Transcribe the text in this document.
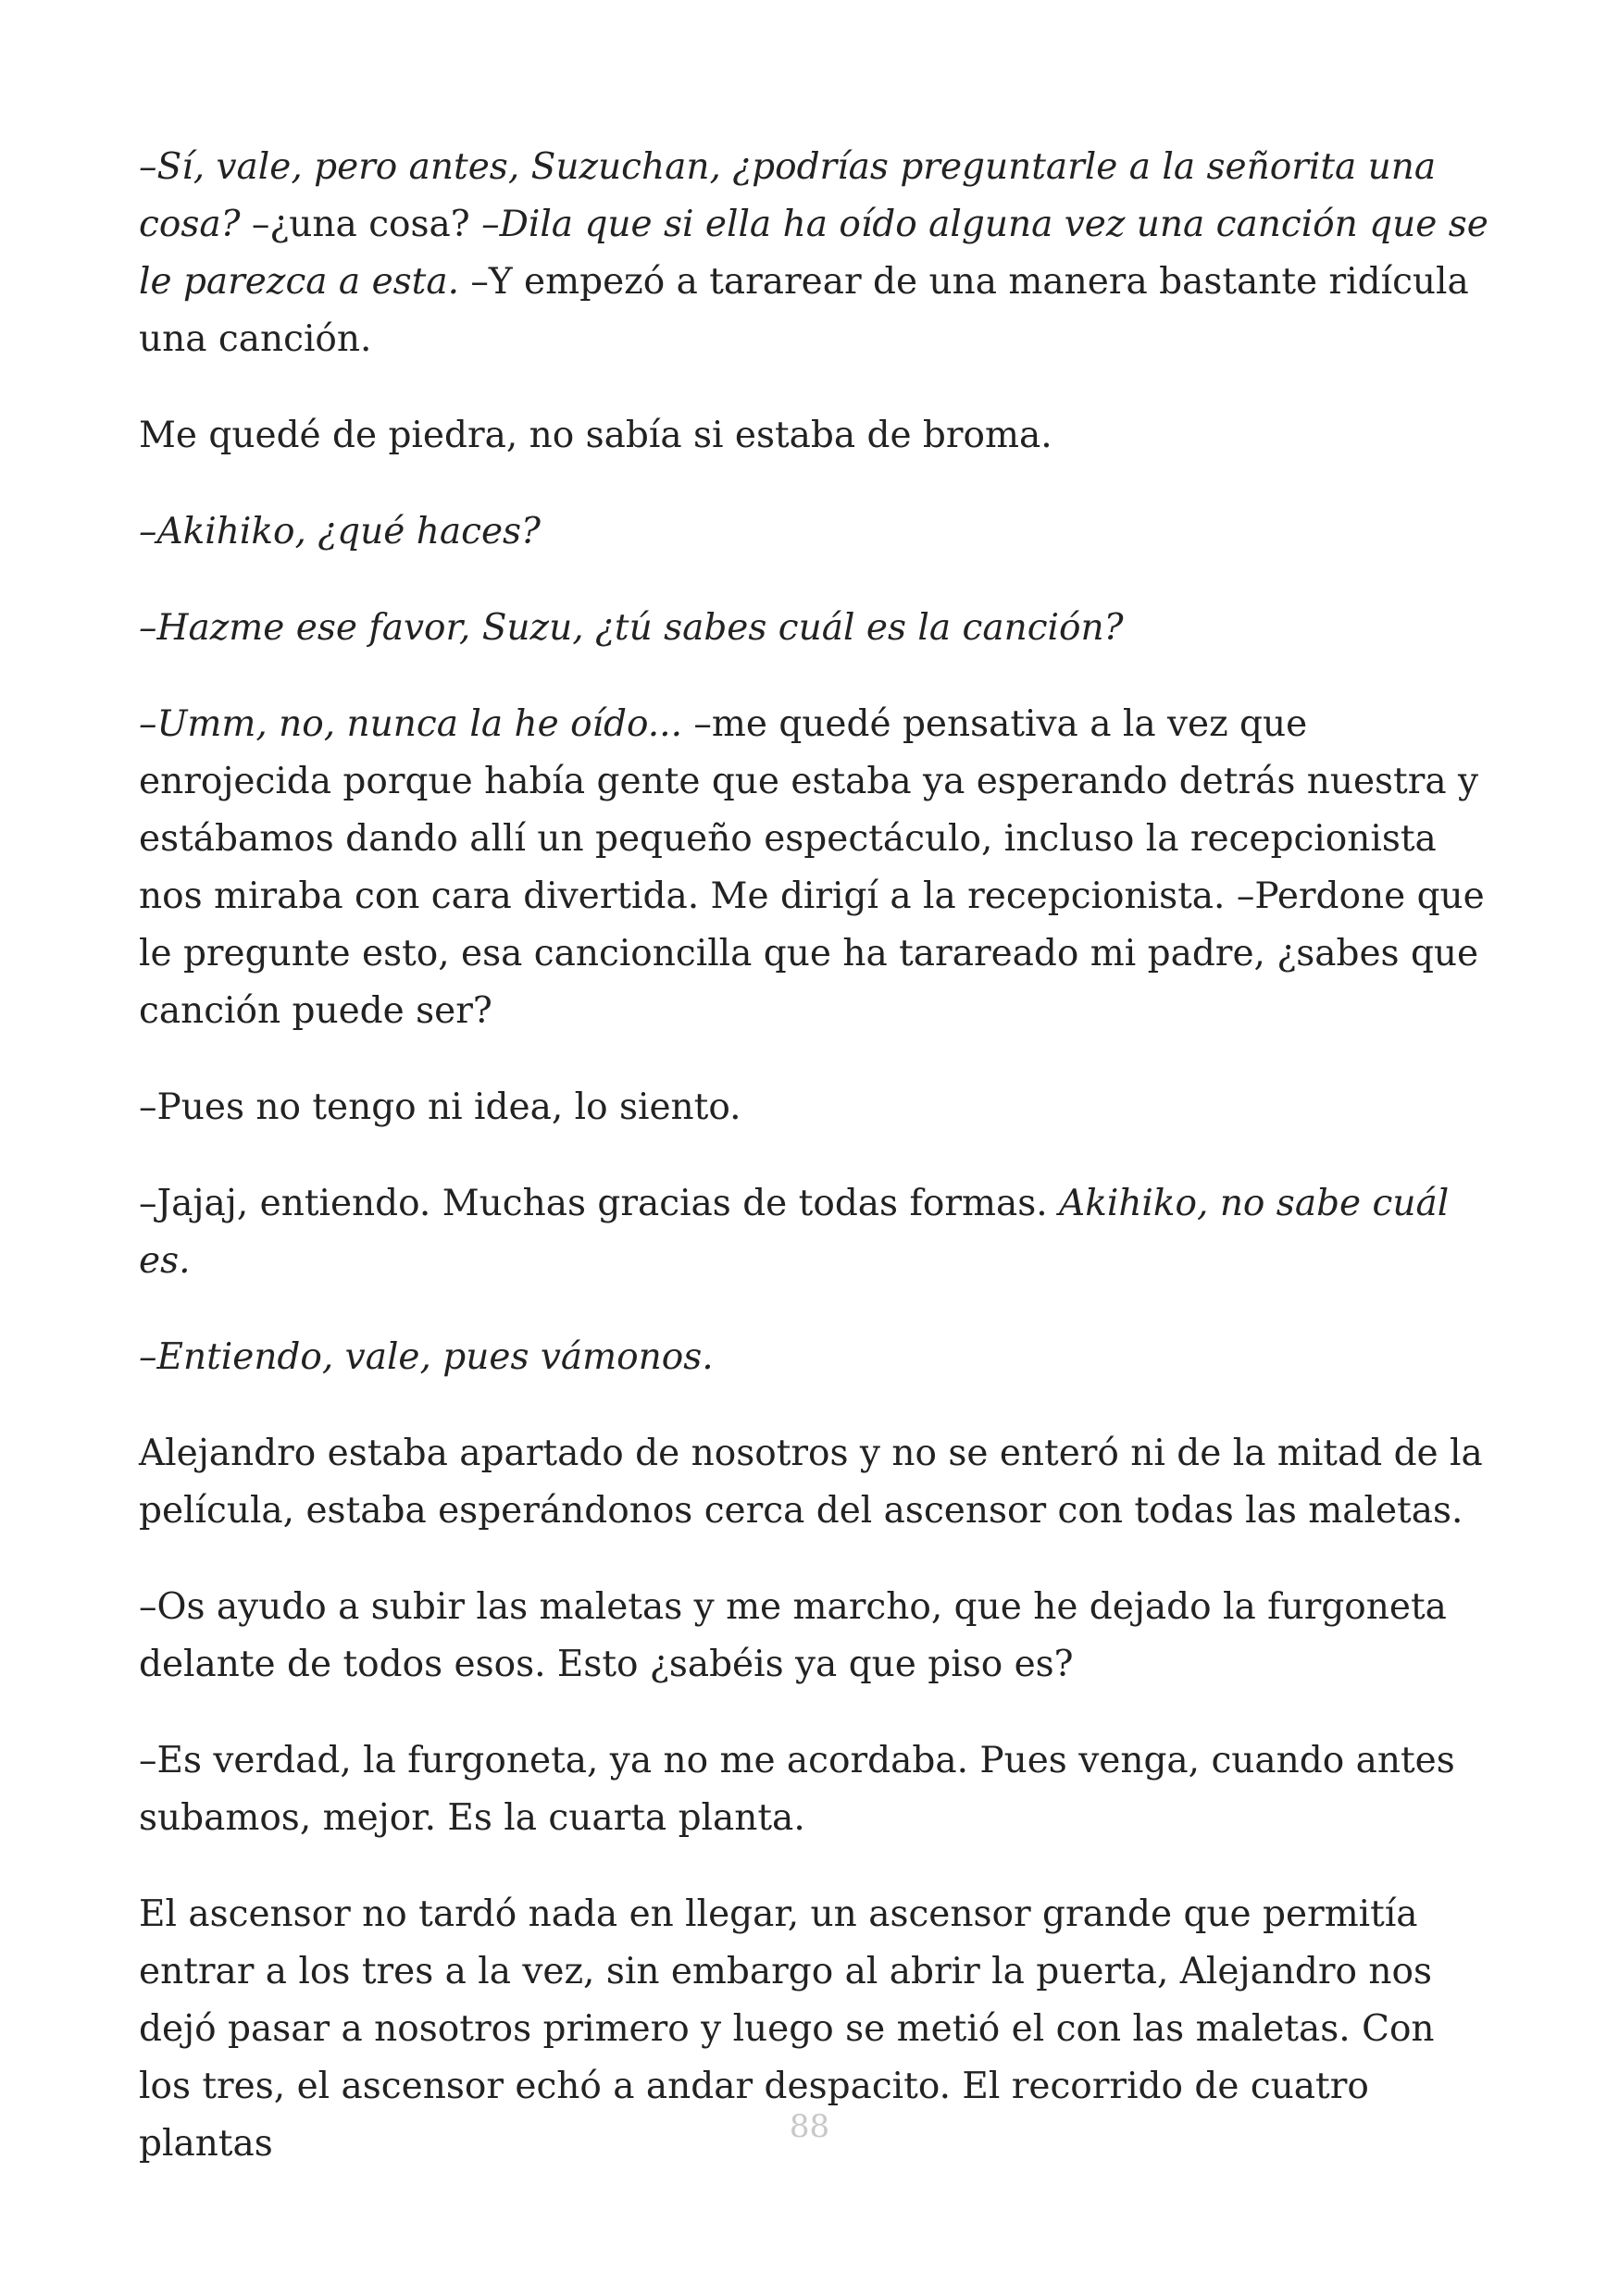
–Sí, vale, pero antes, Suzuchan, ¿podrías preguntarle a la señorita una cosa? –¿una cosa? –Dila que si ella ha oído alguna vez una canción que se le parezca a esta. –Y empezó a tararear de una manera bastante ridícula una canción.

Me quedé de piedra, no sabía si estaba de broma.

–Akihiko, ¿qué haces?

–Hazme ese favor, Suzu, ¿tú sabes cuál es la canción?

–Umm, no, nunca la he oído... –me quedé pensativa a la vez que enrojecida porque había gente que estaba ya esperando detrás nuestra y estábamos dando allí un pequeño espectáculo, incluso la recepcionista nos miraba con cara divertida. Me dirigí a la recepcionista. –Perdone que le pregunte esto, esa cancioncilla que ha tarareado mi padre, ¿sabes que canción puede ser?

–Pues no tengo ni idea, lo siento.

–Jajaj, entiendo. Muchas gracias de todas formas. Akihiko, no sabe cuál es.

–Entiendo, vale, pues vámonos.

Alejandro estaba apartado de nosotros y no se enteró ni de la mitad de la película, estaba esperándonos cerca del ascensor con todas las maletas.

–Os ayudo a subir las maletas y me marcho, que he dejado la furgoneta delante de todos esos. Esto ¿sabéis ya que piso es?

–Es verdad, la furgoneta, ya no me acordaba. Pues venga, cuando antes subamos, mejor. Es la cuarta planta.

El ascensor no tardó nada en llegar, un ascensor grande que permitía entrar a los tres a la vez, sin embargo al abrir la puerta, Alejandro nos dejó pasar a nosotros primero y luego se metió el con las maletas. Con los tres, el ascensor echó a andar despacito. El recorrido de cuatro plantas	88
